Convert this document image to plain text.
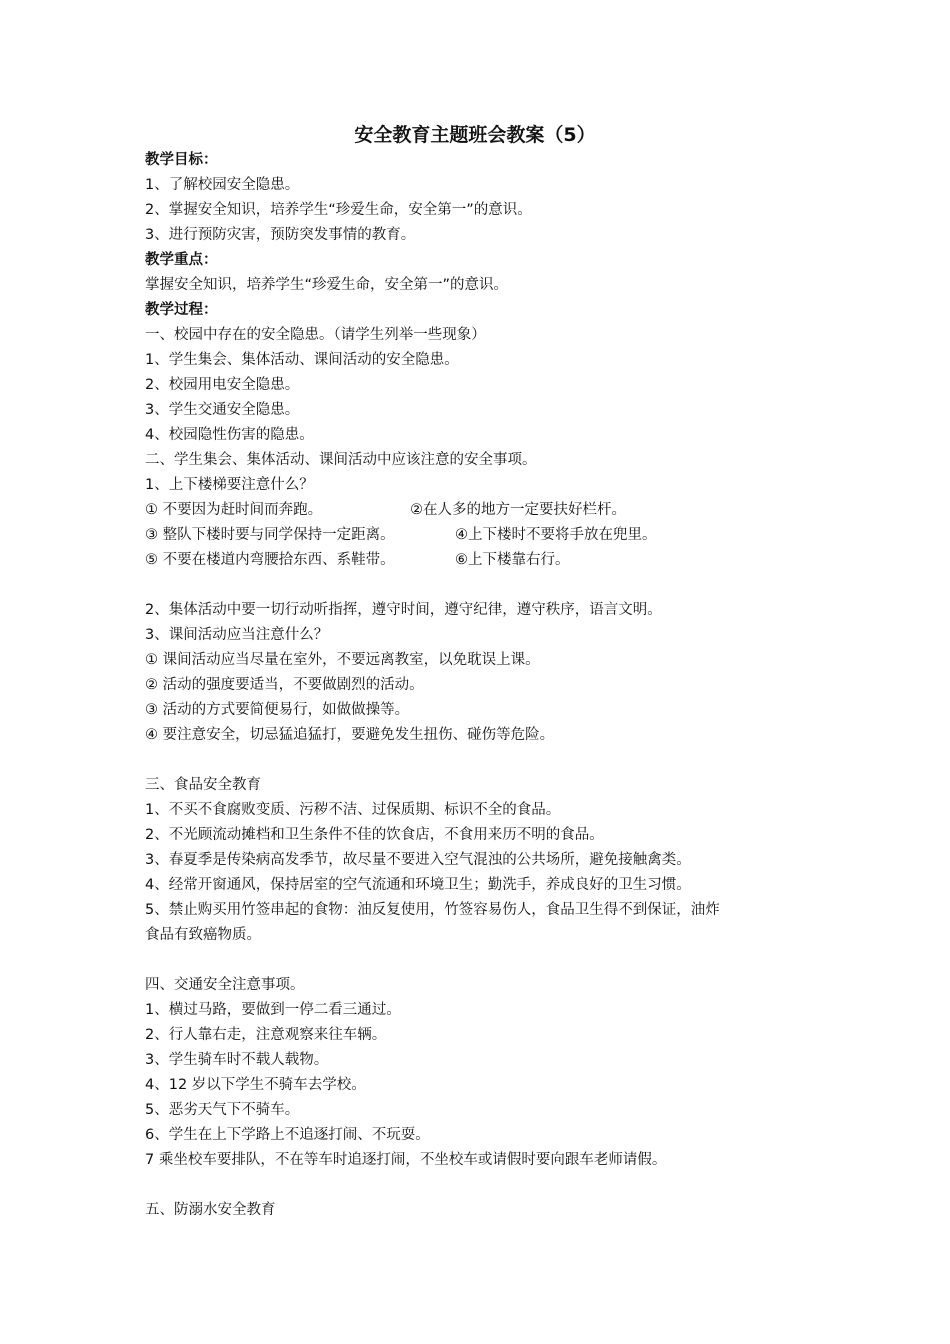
安全教育主题班会教案（5）
教学目标：
1、了解校园安全隐患。
2、掌握安全知识，培养学生“珍爱生命，安全第一”的意识。
3、进行预防灾害，预防突发事情的教育。
教学重点：
掌握安全知识，培养学生“珍爱生命，安全第一”的意识。
教学过程：
一、校园中存在的安全隐患。（请学生列举一些现象）
1、学生集会、集体活动、课间活动的安全隐患。
2、校园用电安全隐患。
3、学生交通安全隐患。
4、校园隐性伤害的隐患。
二、学生集会、集体活动、课间活动中应该注意的安全事项。
1、上下楼梯要注意什么？
① 不要因为赶时间而奔跑。	②在人多的地方一定要扶好栏杆。
③ 整队下楼时要与同学保持一定距离。	④上下楼时不要将手放在兜里。
⑤ 不要在楼道内弯腰拾东西、系鞋带。	⑥上下楼靠右行。
2、集体活动中要一切行动听指挥，遵守时间，遵守纪律，遵守秩序，语言文明。
3、课间活动应当注意什么？
① 课间活动应当尽量在室外，不要远离教室，以免耽误上课。
② 活动的强度要适当，不要做剧烈的活动。
③ 活动的方式要简便易行，如做做操等。
④ 要注意安全，切忌猛追猛打，要避免发生扭伤、碰伤等危险。
三、食品安全教育
1、不买不食腐败变质、污秽不洁、过保质期、标识不全的食品。
2、不光顾流动摊档和卫生条件不佳的饮食店，不食用来历不明的食品。
3、春夏季是传染病高发季节，故尽量不要进入空气混浊的公共场所，避免接触禽类。
4、经常开窗通风，保持居室的空气流通和环境卫生；勤洗手，养成良好的卫生习惯。
5、禁止购买用竹签串起的食物：油反复使用，竹签容易伤人，食品卫生得不到保证，油炸
食品有致癌物质。
四、交通安全注意事项。
1、横过马路，要做到一停二看三通过。
2、行人靠右走，注意观察来往车辆。
3、学生骑车时不载人载物。
4、12 岁以下学生不骑车去学校。
5、恶劣天气下不骑车。
6、学生在上下学路上不追逐打闹、不玩耍。
7 乘坐校车要排队，不在等车时追逐打闹，不坐校车或请假时要向跟车老师请假。
五、防溺水安全教育
